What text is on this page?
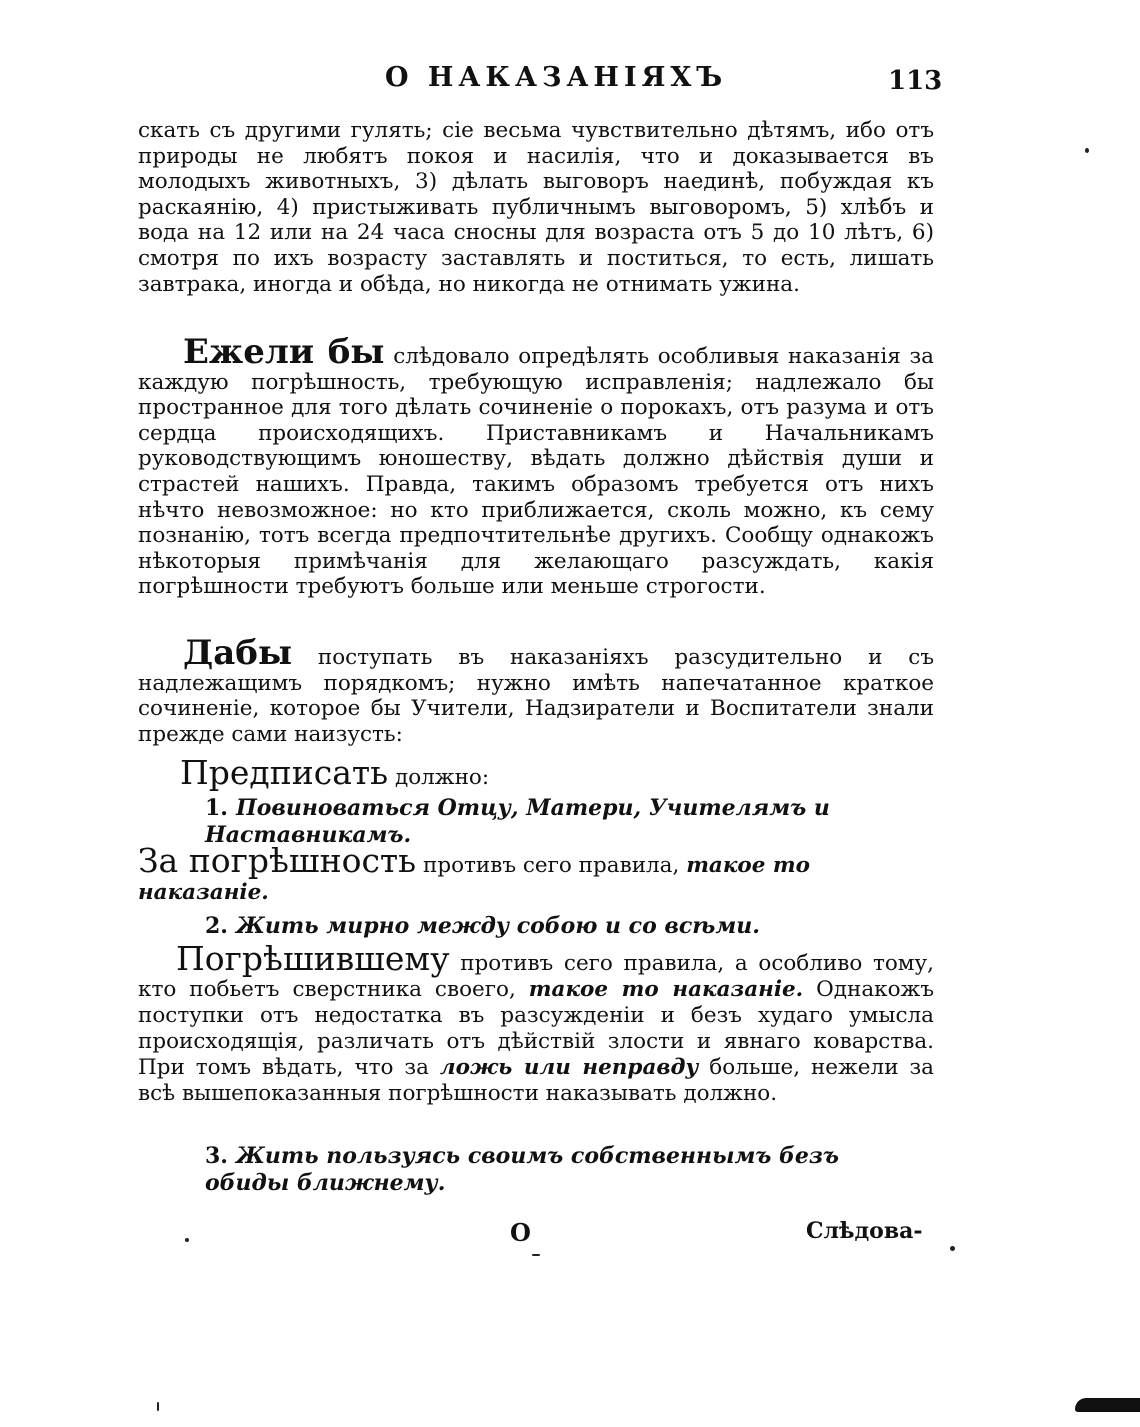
О НАКАЗАНІЯХЪ	113
скать съ другими гулять; сіе весьма чувствительно дѣтямъ, ибо отъ природы не любятъ покоя и насилія, что и доказывается въ молодыхъ животныхъ, 3) дѣлать выговоръ наединѣ, побуждая къ раскаянію, 4) пристыживать публичнымъ выговоромъ, 5) хлѣбъ и вода на 12 или на 24 часа сносны для возраста отъ 5 до 10 лѣтъ, 6) смотря по ихъ возрасту заставлять и поститься, то есть, лишать завтрака, иногда и обѣда, но никогда не отнимать ужина.
Ежели бы слѣдовало опредѣлять особливыя наказанія за каждую погрѣшность, требующую исправленія; надлежало бы пространное для того дѣлать сочиненіе о порокахъ, отъ разума и отъ сердца происходящихъ. Приставникамъ и Начальникамъ руководствующимъ юношеству, вѣдать должно дѣйствія души и страстей нашихъ. Правда, такимъ образомъ требуется отъ нихъ нѣчто невозможное: но кто приближается, сколь можно, къ сему познанію, тотъ всегда предпочтительнѣе другихъ. Сообщу однакожъ нѣкоторыя примѣчанія для желающаго разсуждать, какія погрѣшности требуютъ больше или меньше строгости.
Дабы поступать въ наказаніяхъ разсудительно и съ надлежащимъ порядкомъ; нужно имѣть напечатанное краткое сочиненіе, которое бы Учители, Надзиратели и Воспитатели знали прежде сами наизусть:
Предписать должно:
1. Повиноваться Отцу, Матери, Учителямъ и Наставникамъ.
За погрѣшность противъ сего правила, такое то наказаніе.
2. Жить мирно между собою и со всѣми.
Погрѣшившему противъ сего правила, а особливо тому, кто побьетъ сверстника своего, такое то наказаніе. Однакожъ поступки отъ недостатка въ разсужденіи и безъ худаго умысла происходящія, различать отъ дѣйствій злости и явнаго коварства. При томъ вѣдать, что за ложь или неправду больше, нежели за всѣ вышепоказанныя погрѣшности наказывать должно.
3. Жить пользуясь своимъ собственнымъ безъ обиды ближнему.
О	Слѣдова-
